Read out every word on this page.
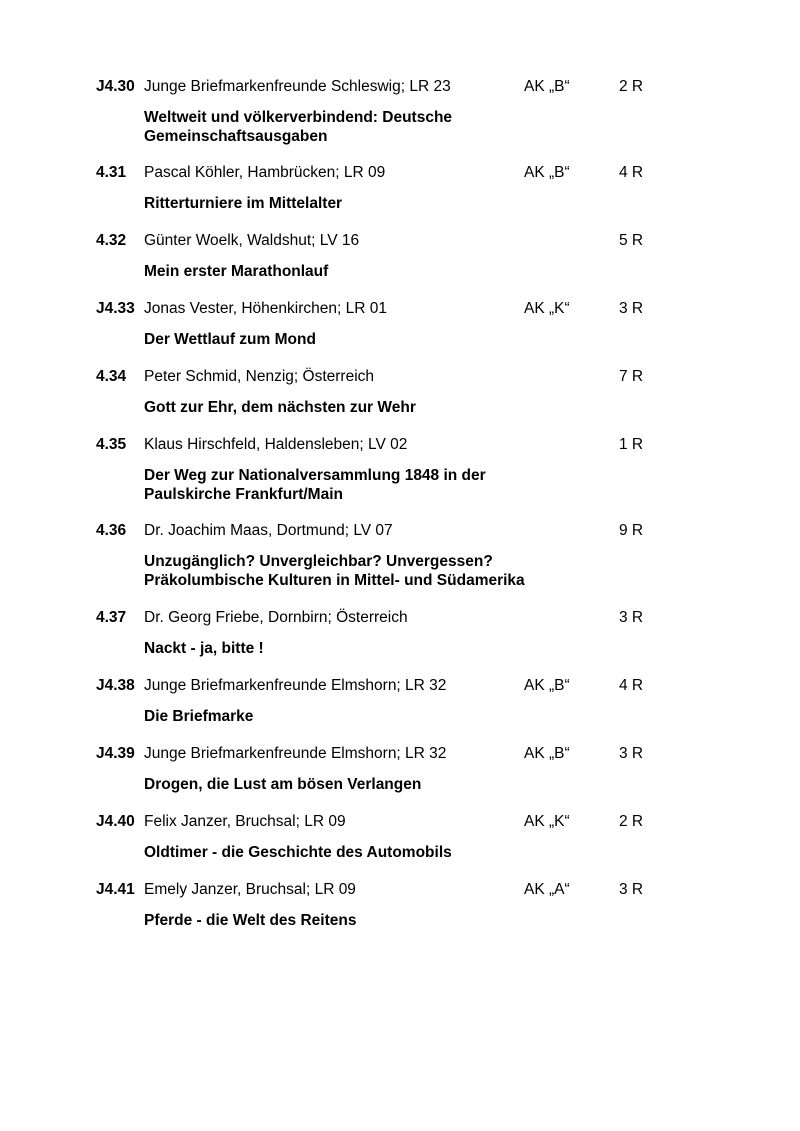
J4.30 Junge Briefmarkenfreunde Schleswig; LR 23	AK „B“	2 R
Weltweit und völkerverbindend: Deutsche Gemeinschaftsausgaben
4.31 Pascal Köhler, Hambrücken; LR 09	AK „B“	4 R
Ritterturniere im Mittelalter
4.32 Günter Woelk, Waldshut; LV 16	5 R
Mein erster Marathonlauf
J4.33 Jonas Vester, Höhenkirchen; LR 01	AK „K“	3 R
Der Wettlauf zum Mond
4.34 Peter Schmid, Nenzig; Österreich	7 R
Gott zur Ehr, dem nächsten zur Wehr
4.35 Klaus Hirschfeld, Haldensleben; LV 02	1 R
Der Weg zur Nationalversammlung 1848 in der Paulskirche Frankfurt/Main
4.36 Dr. Joachim Maas, Dortmund; LV 07	9 R
Unzugänglich? Unvergleichbar? Unvergessen? Präkolumbische Kulturen in Mittel- und Südamerika
4.37 Dr. Georg Friebe, Dornbirn; Österreich	3 R
Nackt - ja, bitte !
J4.38 Junge Briefmarkenfreunde Elmshorn; LR 32	AK „B“	4 R
Die Briefmarke
J4.39 Junge Briefmarkenfreunde Elmshorn; LR 32	AK „B“	3 R
Drogen, die Lust am bösen Verlangen
J4.40 Felix Janzer, Bruchsal; LR 09	AK „K“	2 R
Oldtimer - die Geschichte des Automobils
J4.41 Emely Janzer, Bruchsal; LR 09	AK „A“	3 R
Pferde - die Welt des Reitens
